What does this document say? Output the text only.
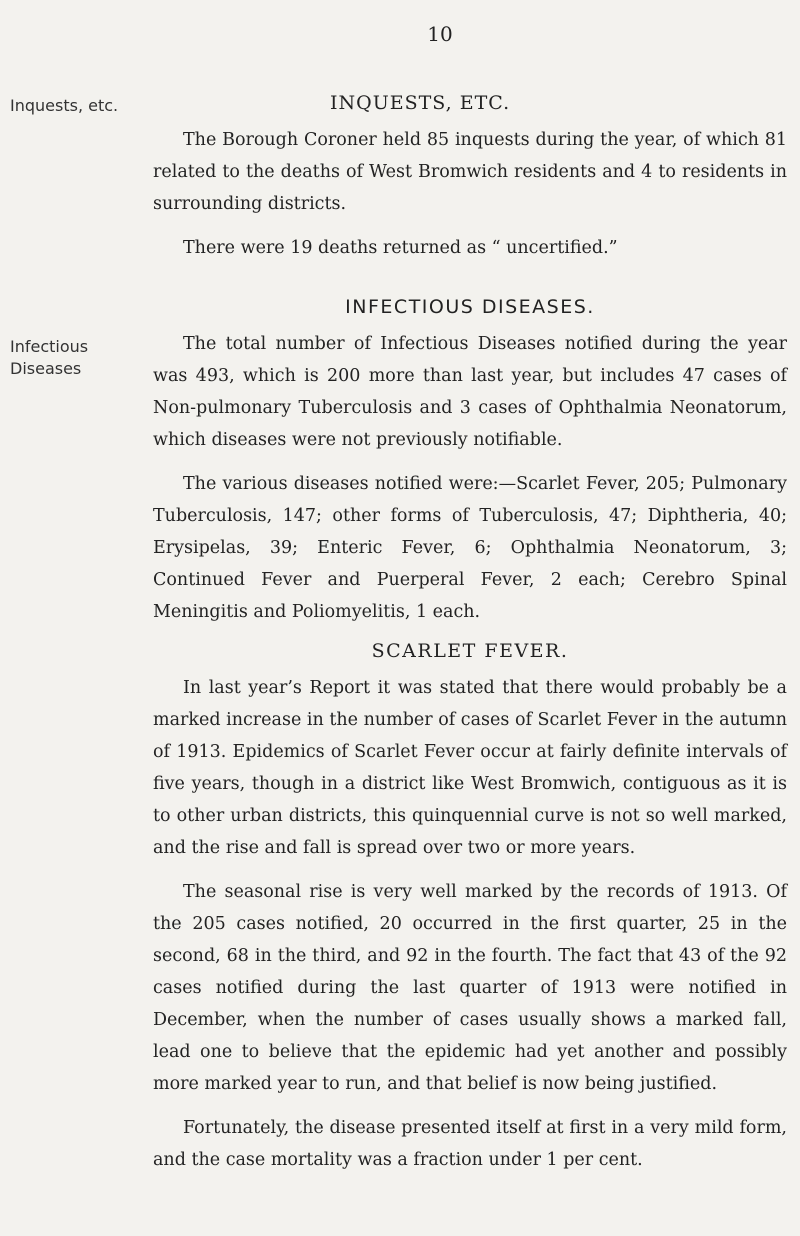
10
Inquests, etc.
Infectious
Diseases
INQUESTS, ETC.

The Borough Coroner held 85 inquests during the year, of which 81 related to the deaths of West Bromwich residents and 4 to residents in surrounding districts.

There were 19 deaths returned as “ uncertified.”

INFECTIOUS DISEASES.

The total number of Infectious Diseases notified during the year was 493, which is 200 more than last year, but includes 47 cases of Non-pulmonary Tuberculosis and 3 cases of Ophthalmia Neonatorum, which diseases were not previously notifiable.

The various diseases notified were:—Scarlet Fever, 205; Pulmonary Tuberculosis, 147; other forms of Tuberculosis, 47; Diphtheria, 40; Erysipelas, 39; Enteric Fever, 6; Ophthalmia Neonatorum, 3; Continued Fever and Puerperal Fever, 2 each; Cerebro Spinal Meningitis and Poliomyelitis, 1 each.

SCARLET FEVER.

In last year’s Report it was stated that there would probably be a marked increase in the number of cases of Scarlet Fever in the autumn of 1913. Epidemics of Scarlet Fever occur at fairly definite intervals of five years, though in a district like West Bromwich, contiguous as it is to other urban districts, this quinquennial curve is not so well marked, and the rise and fall is spread over two or more years.

The seasonal rise is very well marked by the records of 1913. Of the 205 cases notified, 20 occurred in the first quarter, 25 in the second, 68 in the third, and 92 in the fourth. The fact that 43 of the 92 cases notified during the last quarter of 1913 were notified in December, when the number of cases usually shows a marked fall, lead one to believe that the epidemic had yet another and possibly more marked year to run, and that belief is now being justified.

Fortunately, the disease presented itself at first in a very mild form, and the case mortality was a fraction under 1 per cent.
